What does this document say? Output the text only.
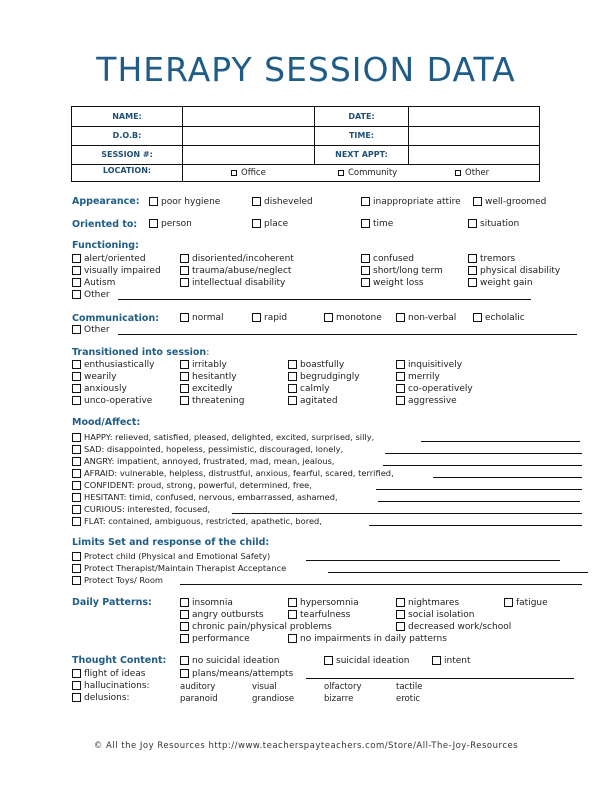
THERAPY SESSION DATA
NAME:	DATE:
D.O.B:	TIME:
SESSION #:	NEXT APPT:
LOCATION:	Office	Community	Other
Appearance:	poor hygiene	disheveled	inappropriate attire	well-groomed
Oriented to:	person	place	time	situation
Functioning:
alert/oriented	disoriented/incoherent	confused	tremors
visually impaired	trauma/abuse/neglect	short/long term	physical disability
Autism	intellectual disability	weight loss	weight gain
Other
Communication:	normal	rapid	monotone	non-verbal	echolalic
Other
Transitioned into session:
enthusiastically	irritably	boastfully	inquisitively
wearily	hesitantly	begrudgingly	merrily
anxiously	excitedly	calmly	co-operatively
unco-operative	threatening	agitated	aggressive
Mood/Affect:
HAPPY: relieved, satisfied, pleased, delighted, excited, surprised, silly,
SAD: disappointed, hopeless, pessimistic, discouraged, lonely,
ANGRY: impatient, annoyed, frustrated, mad, mean, jealous,
AFRAID: vulnerable, helpless, distrustful, anxious, fearful, scared, terrified,
CONFIDENT: proud, strong, powerful, determined, free,
HESITANT: timid, confused, nervous, embarrassed, ashamed,
CURIOUS: interested, focused,
FLAT: contained, ambiguous, restricted, apathetic, bored,
Limits Set and response of the child:
Protect child (Physical and Emotional Safety)
Protect Therapist/Maintain Therapist Acceptance
Protect Toys/ Room
Daily Patterns:	insomnia	hypersomnia	nightmares	fatigue
angry outbursts	tearfulness	social isolation
chronic pain/physical problems	decreased work/school
performance	no impairments in daily patterns
Thought Content:	no suicidal ideation	suicidal ideation	intent
flight of ideas	plans/means/attempts
hallucinations:	auditory	visual	olfactory	tactile
delusions:	paranoid	grandiose	bizarre	erotic
© All the Joy Resources http://www.teacherspayteachers.com/Store/All-The-Joy-Resources
